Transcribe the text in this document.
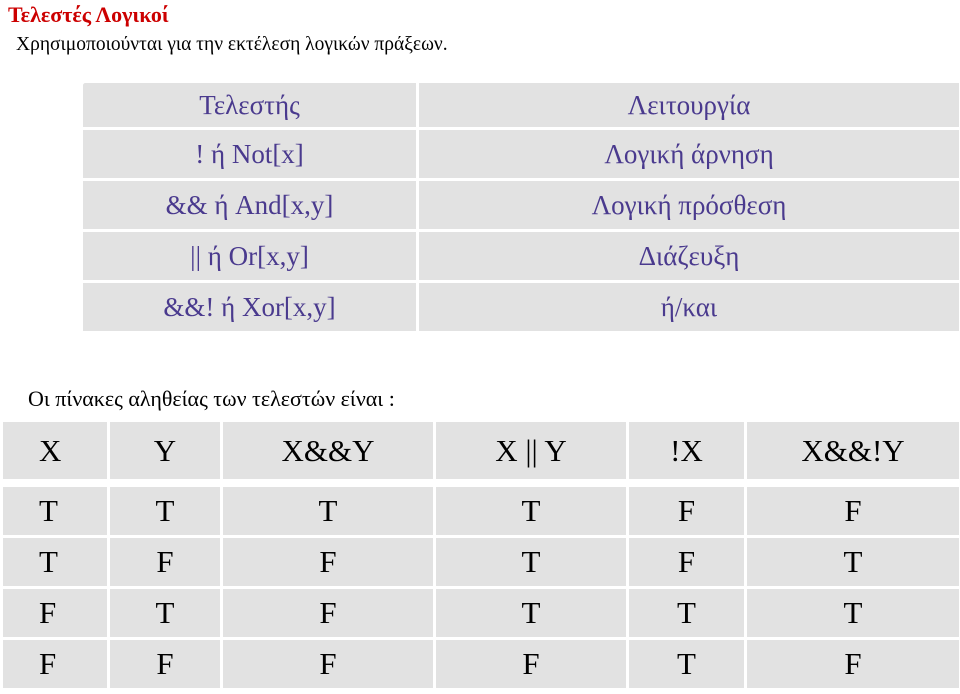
Τελεστές Λογικοί
Χρησιμοποιούνται για την εκτέλεση λογικών πράξεων.
Τελεστής	Λειτουργία
! ή Not[x]	Λογική άρνηση
&& ή And[x,y]	Λογική πρόσθεση
|| ή Or[x,y]	Διάζευξη
&&! ή Xor[x,y]	ή/και
Οι πίνακες αληθείας των τελεστών είναι :
X	Y	X&&Y	X || Y	!X	X&&!Y

T	T	T	T	F	F
T	F	F	T	F	T
F	T	F	T	T	T
F	F	F	F	T	F
